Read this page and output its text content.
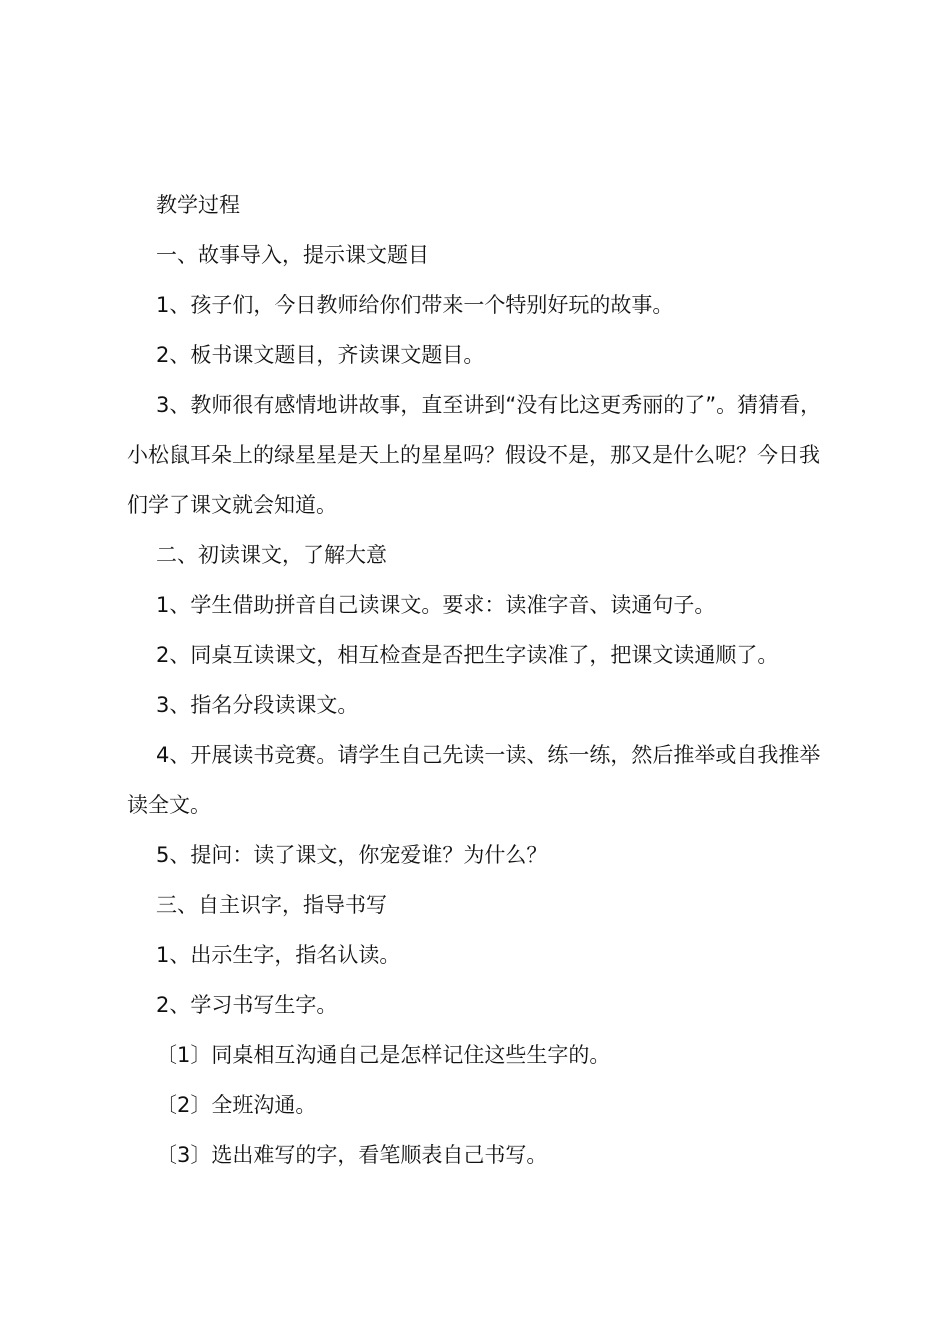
教学过程

一、故事导入，提示课文题目

1、孩子们，今日教师给你们带来一个特别好玩的故事。

2、板书课文题目，齐读课文题目。

3、教师很有感情地讲故事，直至讲到“没有比这更秀丽的了”。猜猜看，小松鼠耳朵上的绿星星是天上的星星吗？假设不是，那又是什么呢？今日我们学了课文就会知道。

二、初读课文，了解大意

1、学生借助拼音自己读课文。要求：读准字音、读通句子。

2、同桌互读课文，相互检查是否把生字读准了，把课文读通顺了。

3、指名分段读课文。

4、开展读书竞赛。请学生自己先读一读、练一练，然后推举或自我推举读全文。

5、提问：读了课文，你宠爱谁？为什么？

三、自主识字，指导书写

1、出示生字，指名认读。

2、学习书写生字。

〔1〕同桌相互沟通自己是怎样记住这些生字的。

〔2〕全班沟通。

〔3〕选出难写的字，看笔顺表自己书写。
